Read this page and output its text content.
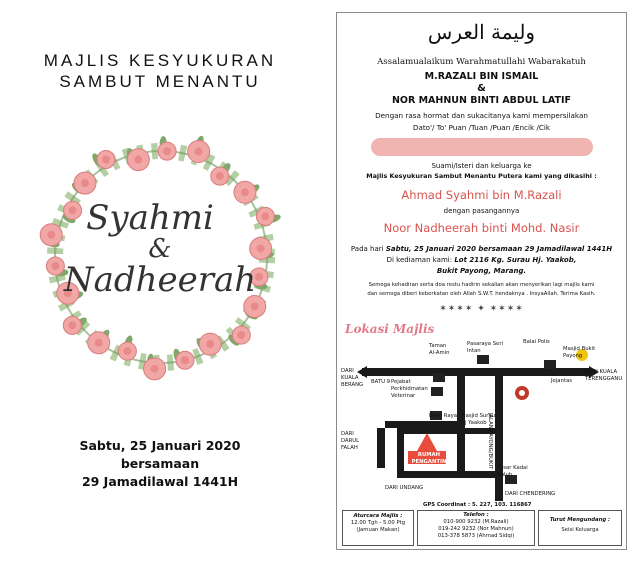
MAJLIS KESYUKURAN
SAMBUT MENANTU
Syahmi
&
Nadheerah
Sabtu, 25 Januari 2020
bersamaan
29 Jamadilawal 1441H
وليمة العرس
Assalamualaikum Warahmatullahi Wabarakatuh
M.RAZALI BIN ISMAIL
&
NOR MAHNUN BINTI ABDUL LATIF
Dengan rasa hormat dan sukacitanya kami mempersilakan
Dato'/ To' Puan /Tuan /Puan /Encik /Cik
Suami/Isteri dan keluarga ke
Majlis Kesyukuran Sambut Menantu Putera kami yang dikasihi :
Ahmad Syahmi bin M.Razali
dengan pasangannya
Noor Nadheerah binti Mohd. Nasir
Pada hari Sabtu, 25 Januari 2020 bersamaan 29 Jamadilawal 1441H
Di kediaman kami: Lot 2116 Kg. Surau Hj. Yaakob,
Bukit Payong, Marang.
Semoga kehadiran serta doa restu hadirin sekalian akan menyerikan lagi majlis kami
dan semoga diberi keberkatan oleh Allah S.W.T. hendaknya . InsyaAllah. Terima Kasih.
✶✶✶✶ ✦ ✶✶✶✶
Lokasi Majlis
Taman Al-Amin
Pasaraya Seri Intan
Balai Polis
Masjid Bukit Payong
Jejantas
DARI KUALA BERANG	BATU 9
DARI KUALA TERENGGANU
Pejabat Perkhidmatan Veterinar
Balai Raya Masjid Surau Hj Yaakob
RUMAH PENGANTIN
DARI DARUL FALAH
DARI UNDANG
Pasar Kadai Buluh
DARI CHENDERING
JALAN PAYONG/BUKIT
GPS Coordinat : 5. 227, 103. 116867
Aturcara Majlis :
12.00 Tgh - 5.00 Ptg
(Jamuan Makan)
Telefon :
010-900 9232 (M.Razali)
019-242 9232 (Nor Mahnun)
013-378 5873 (Ahmad Sidqi)
Turut Mengundang :
Seisi Keluarga
